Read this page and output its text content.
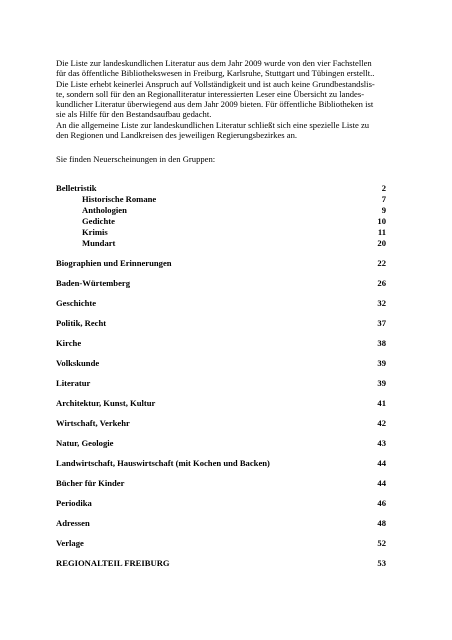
Die Liste zur landeskundlichen Literatur aus dem Jahr 2009 wurde von den vier Fachstellen
für das öffentliche Bibliothekswesen in Freiburg, Karlsruhe, Stuttgart und Tübingen erstellt..
Die Liste erhebt keinerlei Anspruch auf Vollständigkeit und ist auch keine Grundbestandslis-
te, sondern soll für den an Regionalliteratur interessierten Leser eine Übersicht zu landes-
kundlicher Literatur überwiegend aus dem Jahr 2009 bieten. Für öffentliche Bibliotheken ist
sie als Hilfe für den Bestandsaufbau gedacht.
An die allgemeine Liste zur landeskundlichen Literatur schließt sich eine spezielle Liste zu
den Regionen und Landkreisen des jeweiligen Regierungsbezirkes an.
Sie finden Neuerscheinungen in den Gruppen:
Belletristik	2
Historische Romane	7
Anthologien	9
Gedichte	10
Krimis	11
Mundart	20
Biographien und Erinnerungen	22
Baden-Würtemberg	26
Geschichte	32
Politik, Recht	37
Kirche	38
Volkskunde	39
Literatur	39
Architektur, Kunst, Kultur	41
Wirtschaft, Verkehr	42
Natur, Geologie	43
Landwirtschaft, Hauswirtschaft (mit Kochen und Backen)	44
Bücher für Kinder	44
Periodika	46
Adressen	48
Verlage	52
REGIONALTEIL FREIBURG	53
